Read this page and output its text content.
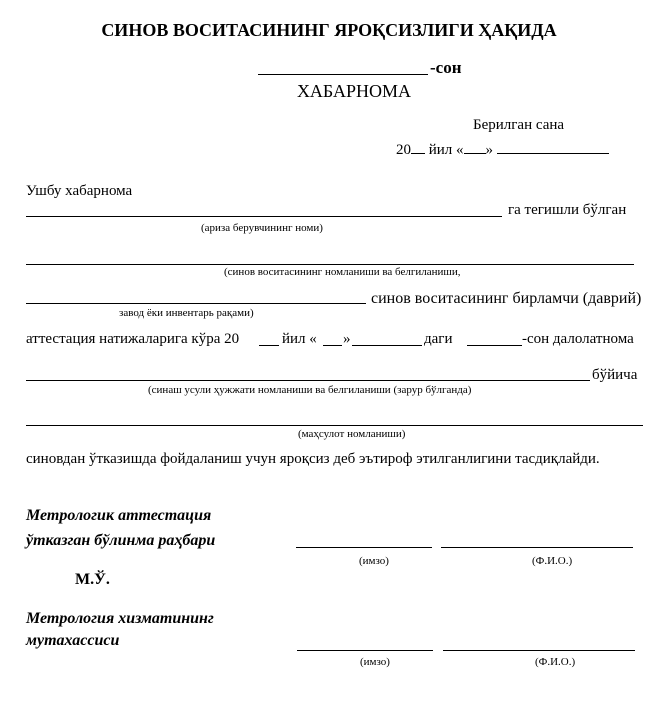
СИНОВ ВОСИТАСИНИНГ ЯРОҚСИЗЛИГИ ҲАҚИДА
-сон
ХАБАРНОМА
Берилган сана
20 йил « »
Ушбу хабарнома
га тегишли бўлган
(ариза берувчининг номи)
(синов воситасининг номланиши ва белгиланиши,
синов воситасининг бирламчи (даврий)
завод ёки инвентарь рақами)
аттестация натижаларига кўра 20	йил « »	даги	-сон далолатнома
бўйича
(синаш усули ҳужжати номланиши ва белгиланиши (зарур бўлганда)
(маҳсулот номланиши)
синовдан ўтказишда фойдаланиш учун яроқсиз деб эътироф этилганлигини тасдиқлайди.
Метрологик аттестация
ўтказган бўлинма раҳбари
(имзо)	(Ф.И.О.)
М.Ў.
Метрология хизматининг
мутахассиси
(имзо)	(Ф.И.О.)
